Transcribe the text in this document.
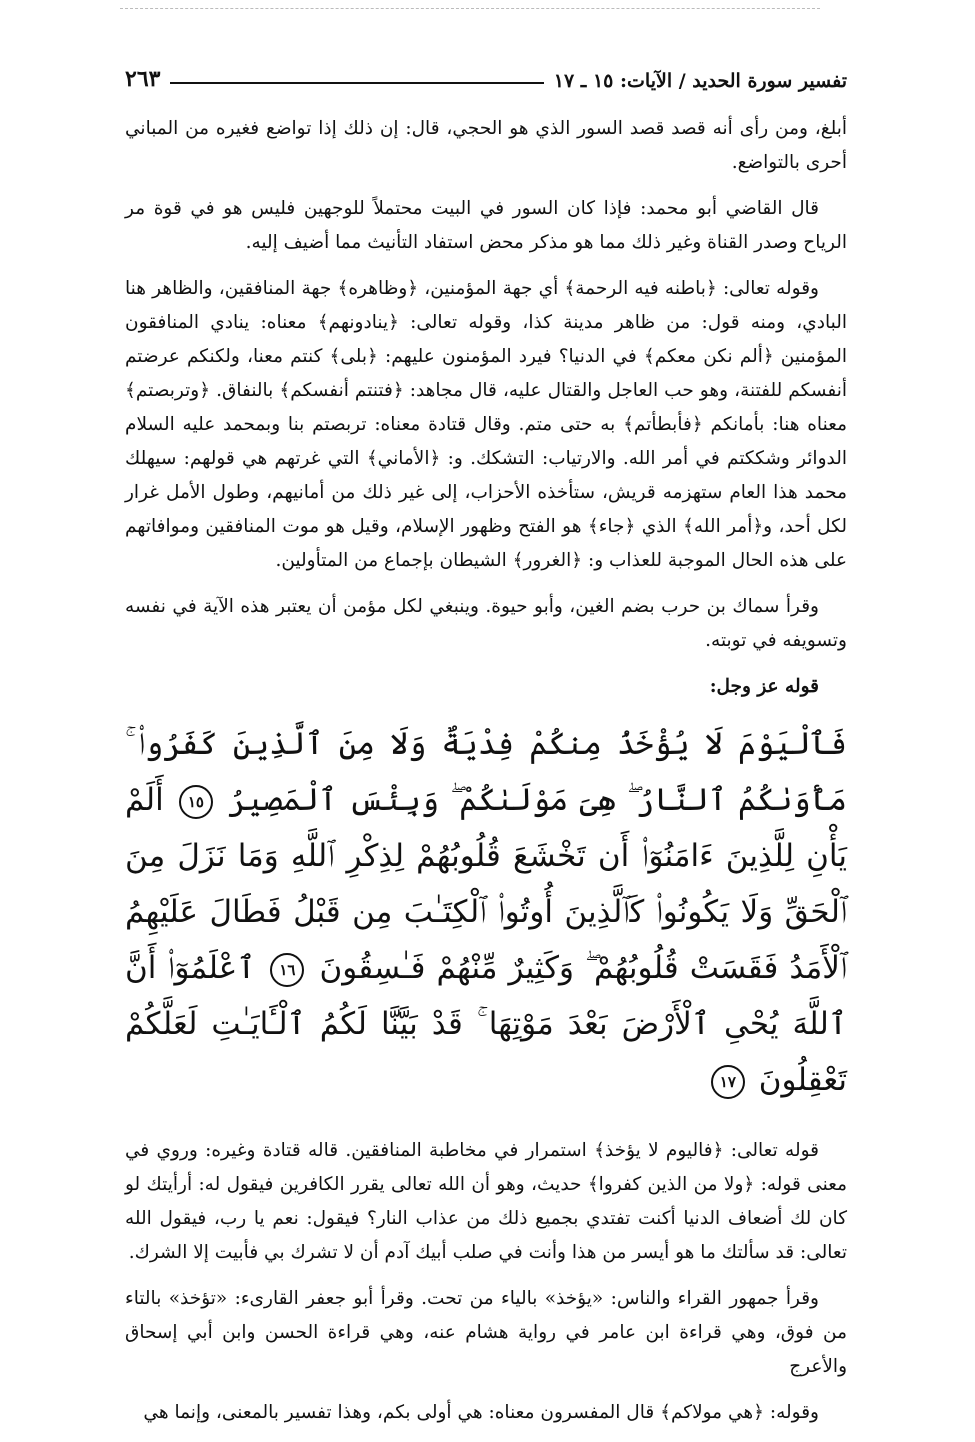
تفسير سورة الحديد / الآيات: ١٥ ـ ١٧
٢٦٣

أبلغ، ومن رأى أنه قصد قصد السور الذي هو الحجي، قال: إن ذلك إذا تواضع فغيره من المباني أحرى بالتواضع.

قال القاضي أبو محمد: فإذا كان السور في البيت محتملاً للوجهين فليس هو في قوة مر الرياح وصدر القناة وغير ذلك مما هو مذكر محض استفاد التأنيث مما أضيف إليه.

وقوله تعالى: ﴿باطنه فيه الرحمة﴾ أي جهة المؤمنين، ﴿وظاهره﴾ جهة المنافقين، والظاهر هنا البادي، ومنه قول: من ظاهر مدينة كذا، وقوله تعالى: ﴿ينادونهم﴾ معناه: ينادي المنافقون المؤمنين ﴿ألم نكن معكم﴾ في الدنيا؟ فيرد المؤمنون عليهم: ﴿بلى﴾ كنتم معنا، ولكنكم عرضتم أنفسكم للفتنة، وهو حب العاجل والقتال عليه، قال مجاهد: ﴿فتنتم أنفسكم﴾ بالنفاق. ﴿وتربصتم﴾ معناه هنا: بأمانكم ﴿فأبطأتم﴾ به حتى متم. وقال قتادة معناه: تربصتم بنا وبمحمد عليه السلام الدوائر وشككتم في أمر الله. والارتياب: التشكك. و: ﴿الأماني﴾ التي غرتهم هي قولهم: سيهلك محمد هذا العام ستهزمه قريش، ستأخذه الأحزاب، إلى غير ذلك من أمانيهم، وطول الأمل غرار لكل أحد، و﴿أمر الله﴾ الذي ﴿جاء﴾ هو الفتح وظهور الإسلام، وقيل هو موت المنافقين وموافاتهم على هذه الحال الموجبة للعذاب و: ﴿الغرور﴾ الشيطان بإجماع من المتأولين.

وقرأ سماك بن حرب بضم الغين، وأبو حيوة. وينبغي لكل مؤمن أن يعتبر هذه الآية في نفسه وتسويفه في توبته.

قوله عز وجل:

فَٱلْيَوْمَ لَا يُؤْخَذُ مِنكُمْ فِدْيَةٌ وَلَا مِنَ ٱلَّذِينَ كَفَرُوا۟ ۚ مَأْوَىٰكُمُ ٱلنَّارُ ۖ هِىَ مَوْلَىٰكُمْ ۖ وَبِئْسَ ٱلْمَصِيرُ ١٥ أَلَمْ يَأْنِ لِلَّذِينَ ءَامَنُوٓا۟ أَن تَخْشَعَ قُلُوبُهُمْ لِذِكْرِ ٱللَّهِ وَمَا نَزَلَ مِنَ ٱلْحَقِّ وَلَا يَكُونُوا۟ كَٱلَّذِينَ أُوتُوا۟ ٱلْكِتَـٰبَ مِن قَبْلُ فَطَالَ عَلَيْهِمُ ٱلْأَمَدُ فَقَسَتْ قُلُوبُهُمْ ۖ وَكَثِيرٌ مِّنْهُمْ فَـٰسِقُونَ ١٦ ٱعْلَمُوٓا۟ أَنَّ ٱللَّهَ يُحْىِ ٱلْأَرْضَ بَعْدَ مَوْتِهَا ۚ قَدْ بَيَّنَّا لَكُمُ ٱلْـَٔايَـٰتِ لَعَلَّكُمْ تَعْقِلُونَ ١٧

قوله تعالى: ﴿فاليوم لا يؤخذ﴾ استمرار في مخاطبة المنافقين. قاله قتادة وغيره: وروي في معنى قوله: ﴿ولا من الذين كفروا﴾ حديث، وهو أن الله تعالى يقرر الكافرين فيقول له: أرأيتك لو كان لك أضعاف الدنيا أكنت تفتدي بجميع ذلك من عذاب النار؟ فيقول: نعم يا رب، فيقول الله تعالى: قد سألتك ما هو أيسر من هذا وأنت في صلب أبيك آدم أن لا تشرك بي فأبيت إلا الشرك.

وقرأ جمهور القراء والناس: «يؤخذ» بالياء من تحت. وقرأ أبو جعفر القارىء: «تؤخذ» بالتاء من فوق، وهي قراءة ابن عامر في رواية هشام عنه، وهي قراءة الحسن وابن أبي إسحاق والأعرج

وقوله: ﴿هي مولاكم﴾ قال المفسرون معناه: هي أولى بكم، وهذا تفسير بالمعنى، وإنما هي
